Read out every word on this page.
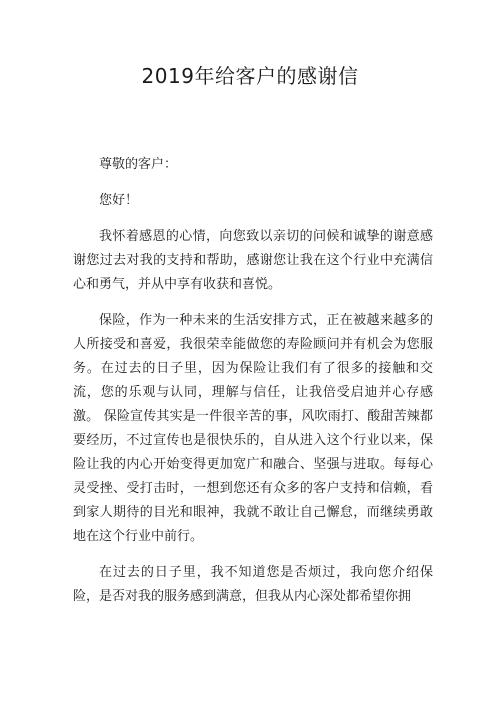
2019年给客户的感谢信

尊敬的客户：

您好！

我怀着感恩的心情，向您致以亲切的问候和诚挚的谢意感谢您过去对我的支持和帮助，感谢您让我在这个行业中充满信心和勇气，并从中享有收获和喜悦。

保险，作为一种未来的生活安排方式，正在被越来越多的人所接受和喜爱，我很荣幸能做您的寿险顾问并有机会为您服务。在过去的日子里，因为保险让我们有了很多的接触和交流，您的乐观与认同，理解与信任，让我倍受启迪并心存感激。 保险宣传其实是一件很辛苦的事，风吹雨打、酸甜苦辣都要经历，不过宣传也是很快乐的，自从进入这个行业以来，保险让我的内心开始变得更加宽广和融合、坚强与进取。每每心灵受挫、受打击时，一想到您还有众多的客户支持和信赖，看到家人期待的目光和眼神，我就不敢让自己懈怠，而继续勇敢地在这个行业中前行。

在过去的日子里，我不知道您是否烦过，我向您介绍保险，是否对我的服务感到满意，但我从内心深处都希望你拥
